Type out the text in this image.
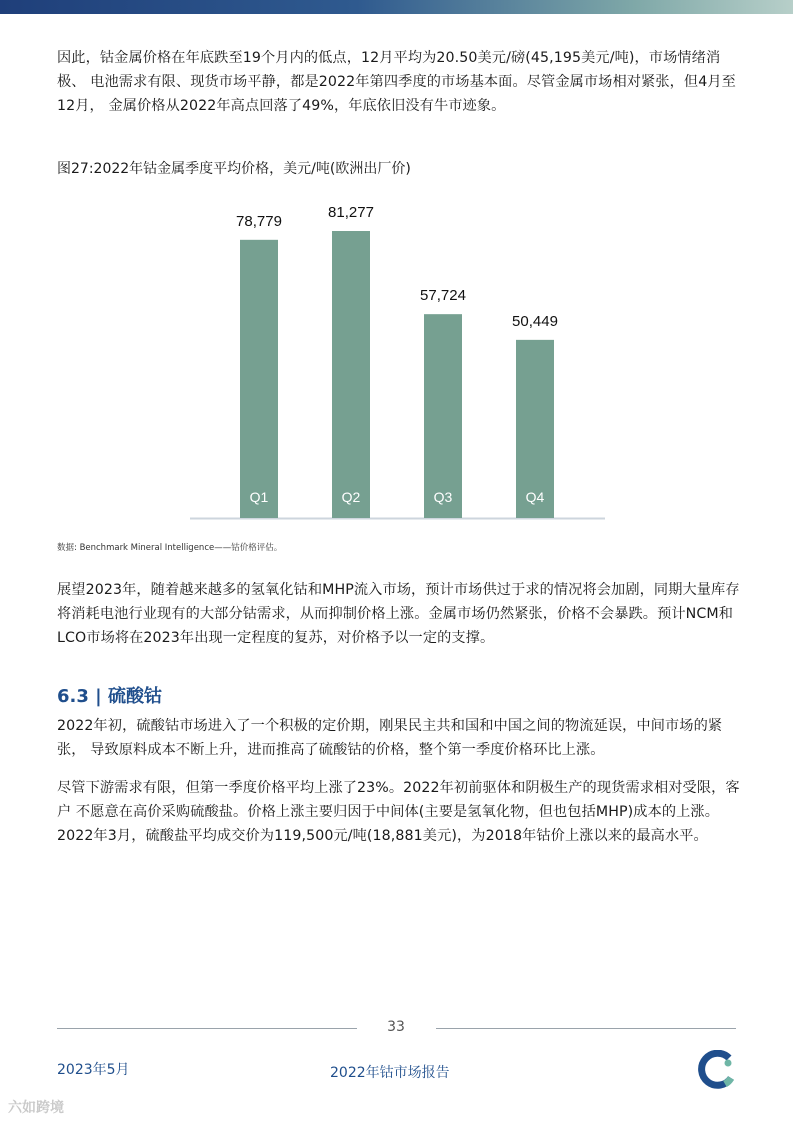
因此，钴金属价格在年底跌至19个月内的低点，12月平均为20.50美元/磅(45,195美元/吨)，市场情绪消极、 电池需求有限、现货市场平静，都是2022年第四季度的市场基本面。尽管金属市场相对紧张，但4月至12月， 金属价格从2022年高点回落了49%，年底依旧没有牛市迹象。

图27:2022年钴金属季度平均价格，美元/吨(欧洲出厂价)

78,779
Q1
81,277
Q2
57,724
Q3
50,449
Q4
数据: Benchmark Mineral Intelligence——钴价格评估。

展望2023年，随着越来越多的氢氧化钴和MHP流入市场，预计市场供过于求的情况将会加剧，同期大量库存 将消耗电池行业现有的大部分钴需求，从而抑制价格上涨。金属市场仍然紧张，价格不会暴跌。预计NCM和 LCO市场将在2023年出现一定程度的复苏，对价格予以一定的支撑。

6.3 | 硫酸钴

2022年初，硫酸钴市场进入了一个积极的定价期，刚果民主共和国和中国之间的物流延误，中间市场的紧张， 导致原料成本不断上升，进而推高了硫酸钴的价格，整个第一季度价格环比上涨。

尽管下游需求有限，但第一季度价格平均上涨了23%。2022年初前驱体和阴极生产的现货需求相对受限，客户 不愿意在高价采购硫酸盐。价格上涨主要归因于中间体(主要是氢氧化物，但也包括MHP)成本的上涨。 2022年3月，硫酸盐平均成交价为119,500元/吨(18,881美元)，为2018年钴价上涨以来的最高水平。

33
2023年5月	2022年钴市场报告
六如跨境
